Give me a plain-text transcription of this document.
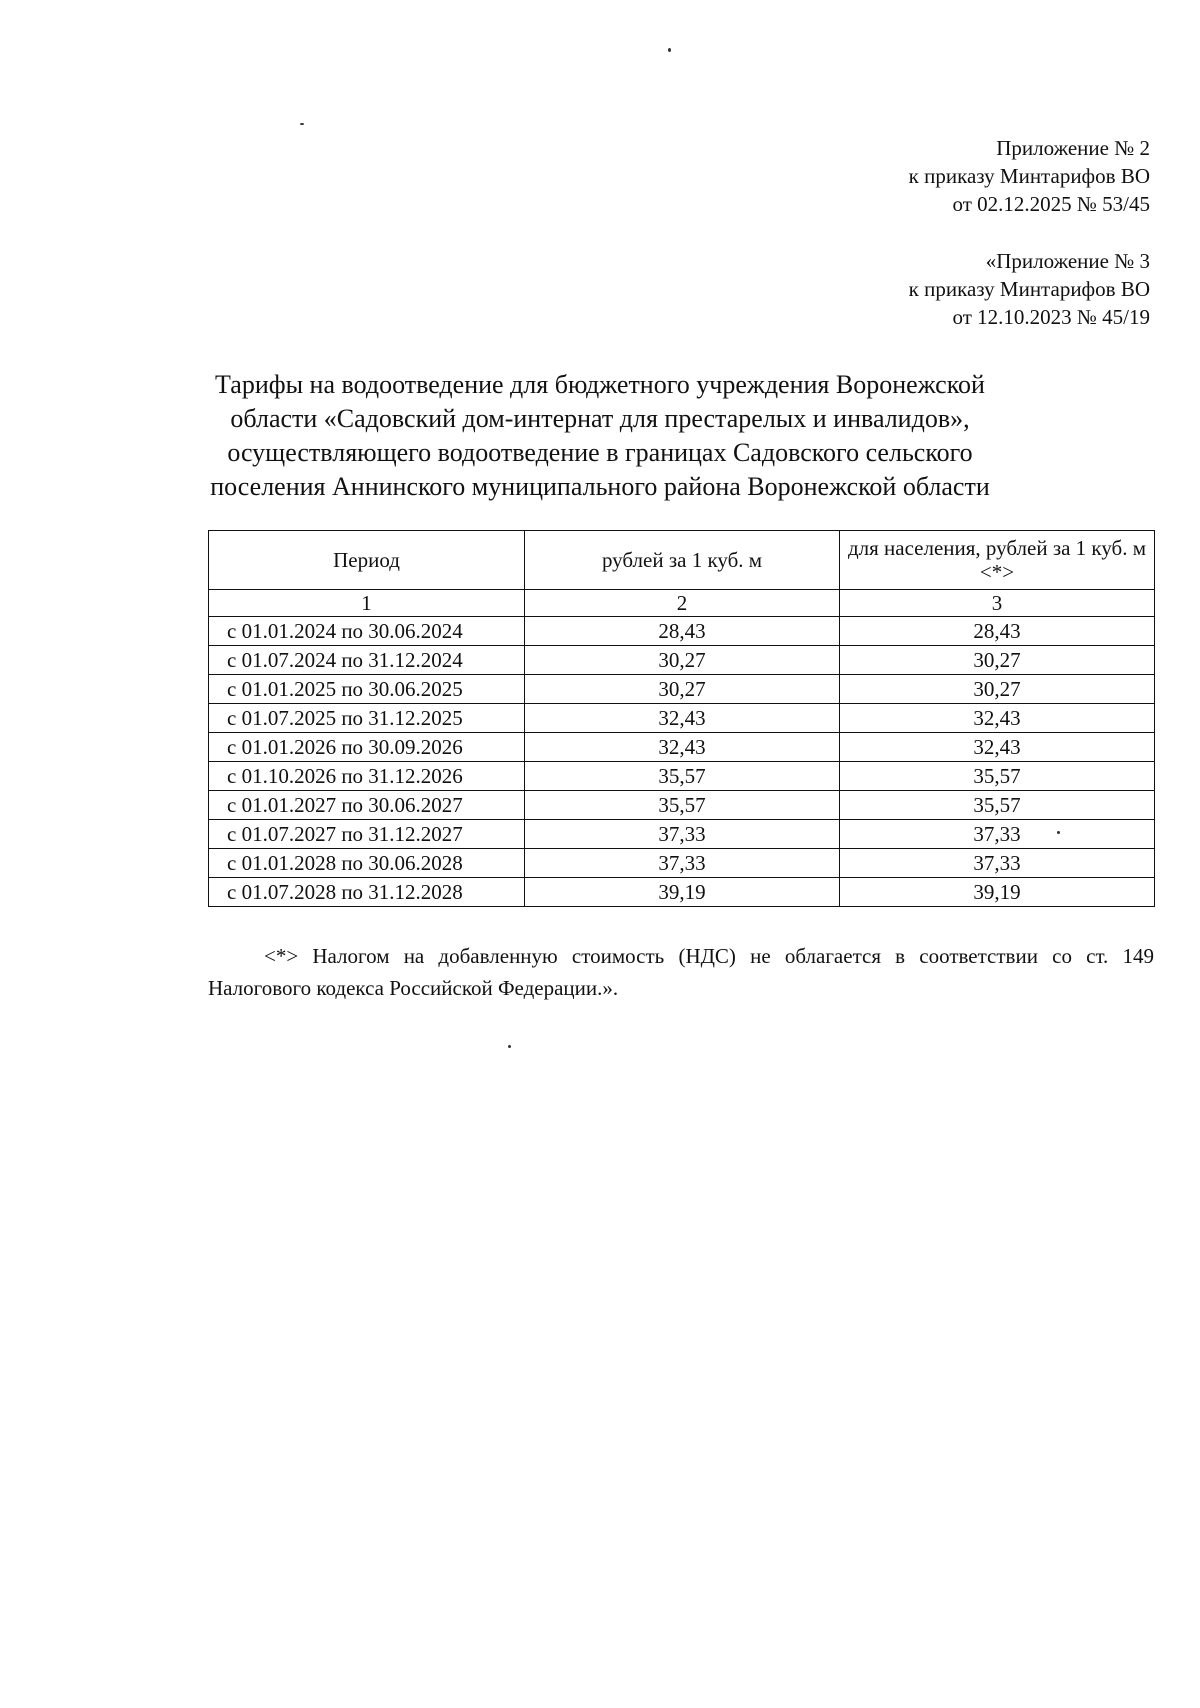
Приложение № 2
к приказу Минтарифов ВО
от 02.12.2025 № 53/45
«Приложение № 3
к приказу Минтарифов ВО
от 12.10.2023 № 45/19
Тарифы на водоотведение для бюджетного учреждения Воронежской
области «Садовский дом-интернат для престарелых и инвалидов»,
осуществляющего водоотведение в границах Садовского сельского
поселения Аннинского муниципального района Воронежской области
Период	рублей за 1 куб. м	для населения, рублей за 1 куб. м <*>
1	2	3
с 01.01.2024 по 30.06.2024	28,43	28,43
с 01.07.2024 по 31.12.2024	30,27	30,27
с 01.01.2025 по 30.06.2025	30,27	30,27
с 01.07.2025 по 31.12.2025	32,43	32,43
с 01.01.2026 по 30.09.2026	32,43	32,43
с 01.10.2026 по 31.12.2026	35,57	35,57
с 01.01.2027 по 30.06.2027	35,57	35,57
с 01.07.2027 по 31.12.2027	37,33	37,33
с 01.01.2028 по 30.06.2028	37,33	37,33
с 01.07.2028 по 31.12.2028	39,19	39,19
<*> Налогом на добавленную стоимость (НДС) не облагается в соответствии со ст. 149 Налогового кодекса Российской Федерации.».
